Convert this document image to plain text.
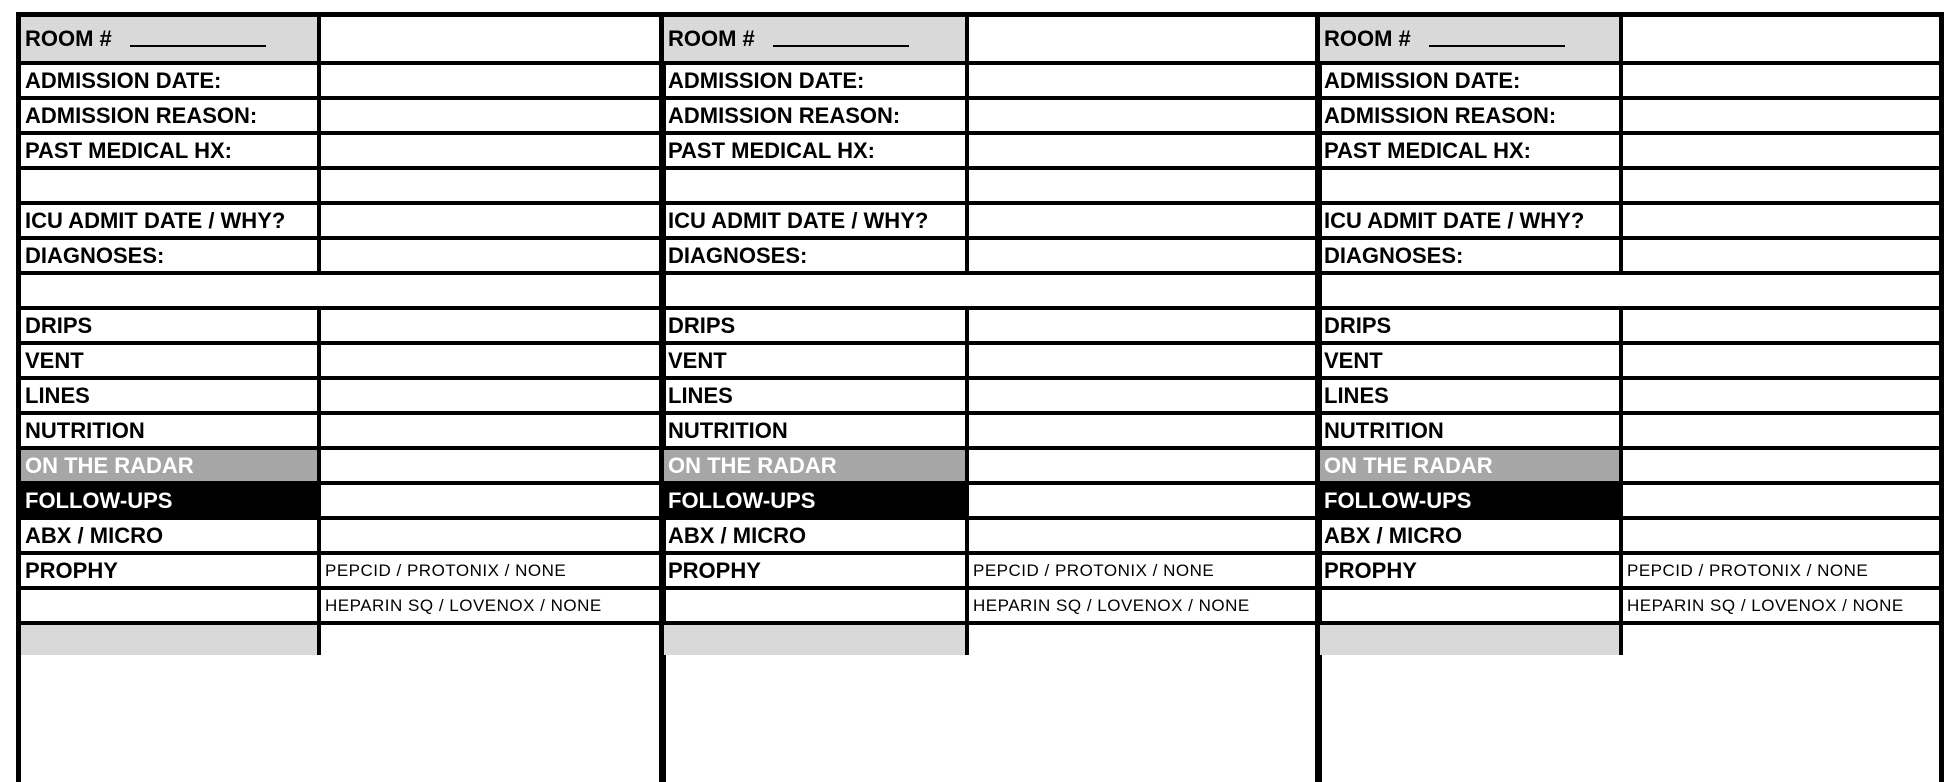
ROOM #
ADMISSION DATE:
ADMISSION REASON:
PAST MEDICAL HX:
ICU ADMIT DATE / WHY?
DIAGNOSES:
DRIPS
VENT
LINES
NUTRITION
ON THE RADAR
FOLLOW-UPS
ABX / MICRO
PROPHY	PEPCID / PROTONIX / NONE
HEPARIN SQ / LOVENOX / NONE
ROOM #
ADMISSION DATE:
ADMISSION REASON:
PAST MEDICAL HX:
ICU ADMIT DATE / WHY?
DIAGNOSES:
DRIPS
VENT
LINES
NUTRITION
ON THE RADAR
FOLLOW-UPS
ABX / MICRO
PROPHY	PEPCID / PROTONIX / NONE
HEPARIN SQ / LOVENOX / NONE
ROOM #
ADMISSION DATE:
ADMISSION REASON:
PAST MEDICAL HX:
ICU ADMIT DATE / WHY?
DIAGNOSES:
DRIPS
VENT
LINES
NUTRITION
ON THE RADAR
FOLLOW-UPS
ABX / MICRO
PROPHY	PEPCID / PROTONIX / NONE
HEPARIN SQ / LOVENOX / NONE
